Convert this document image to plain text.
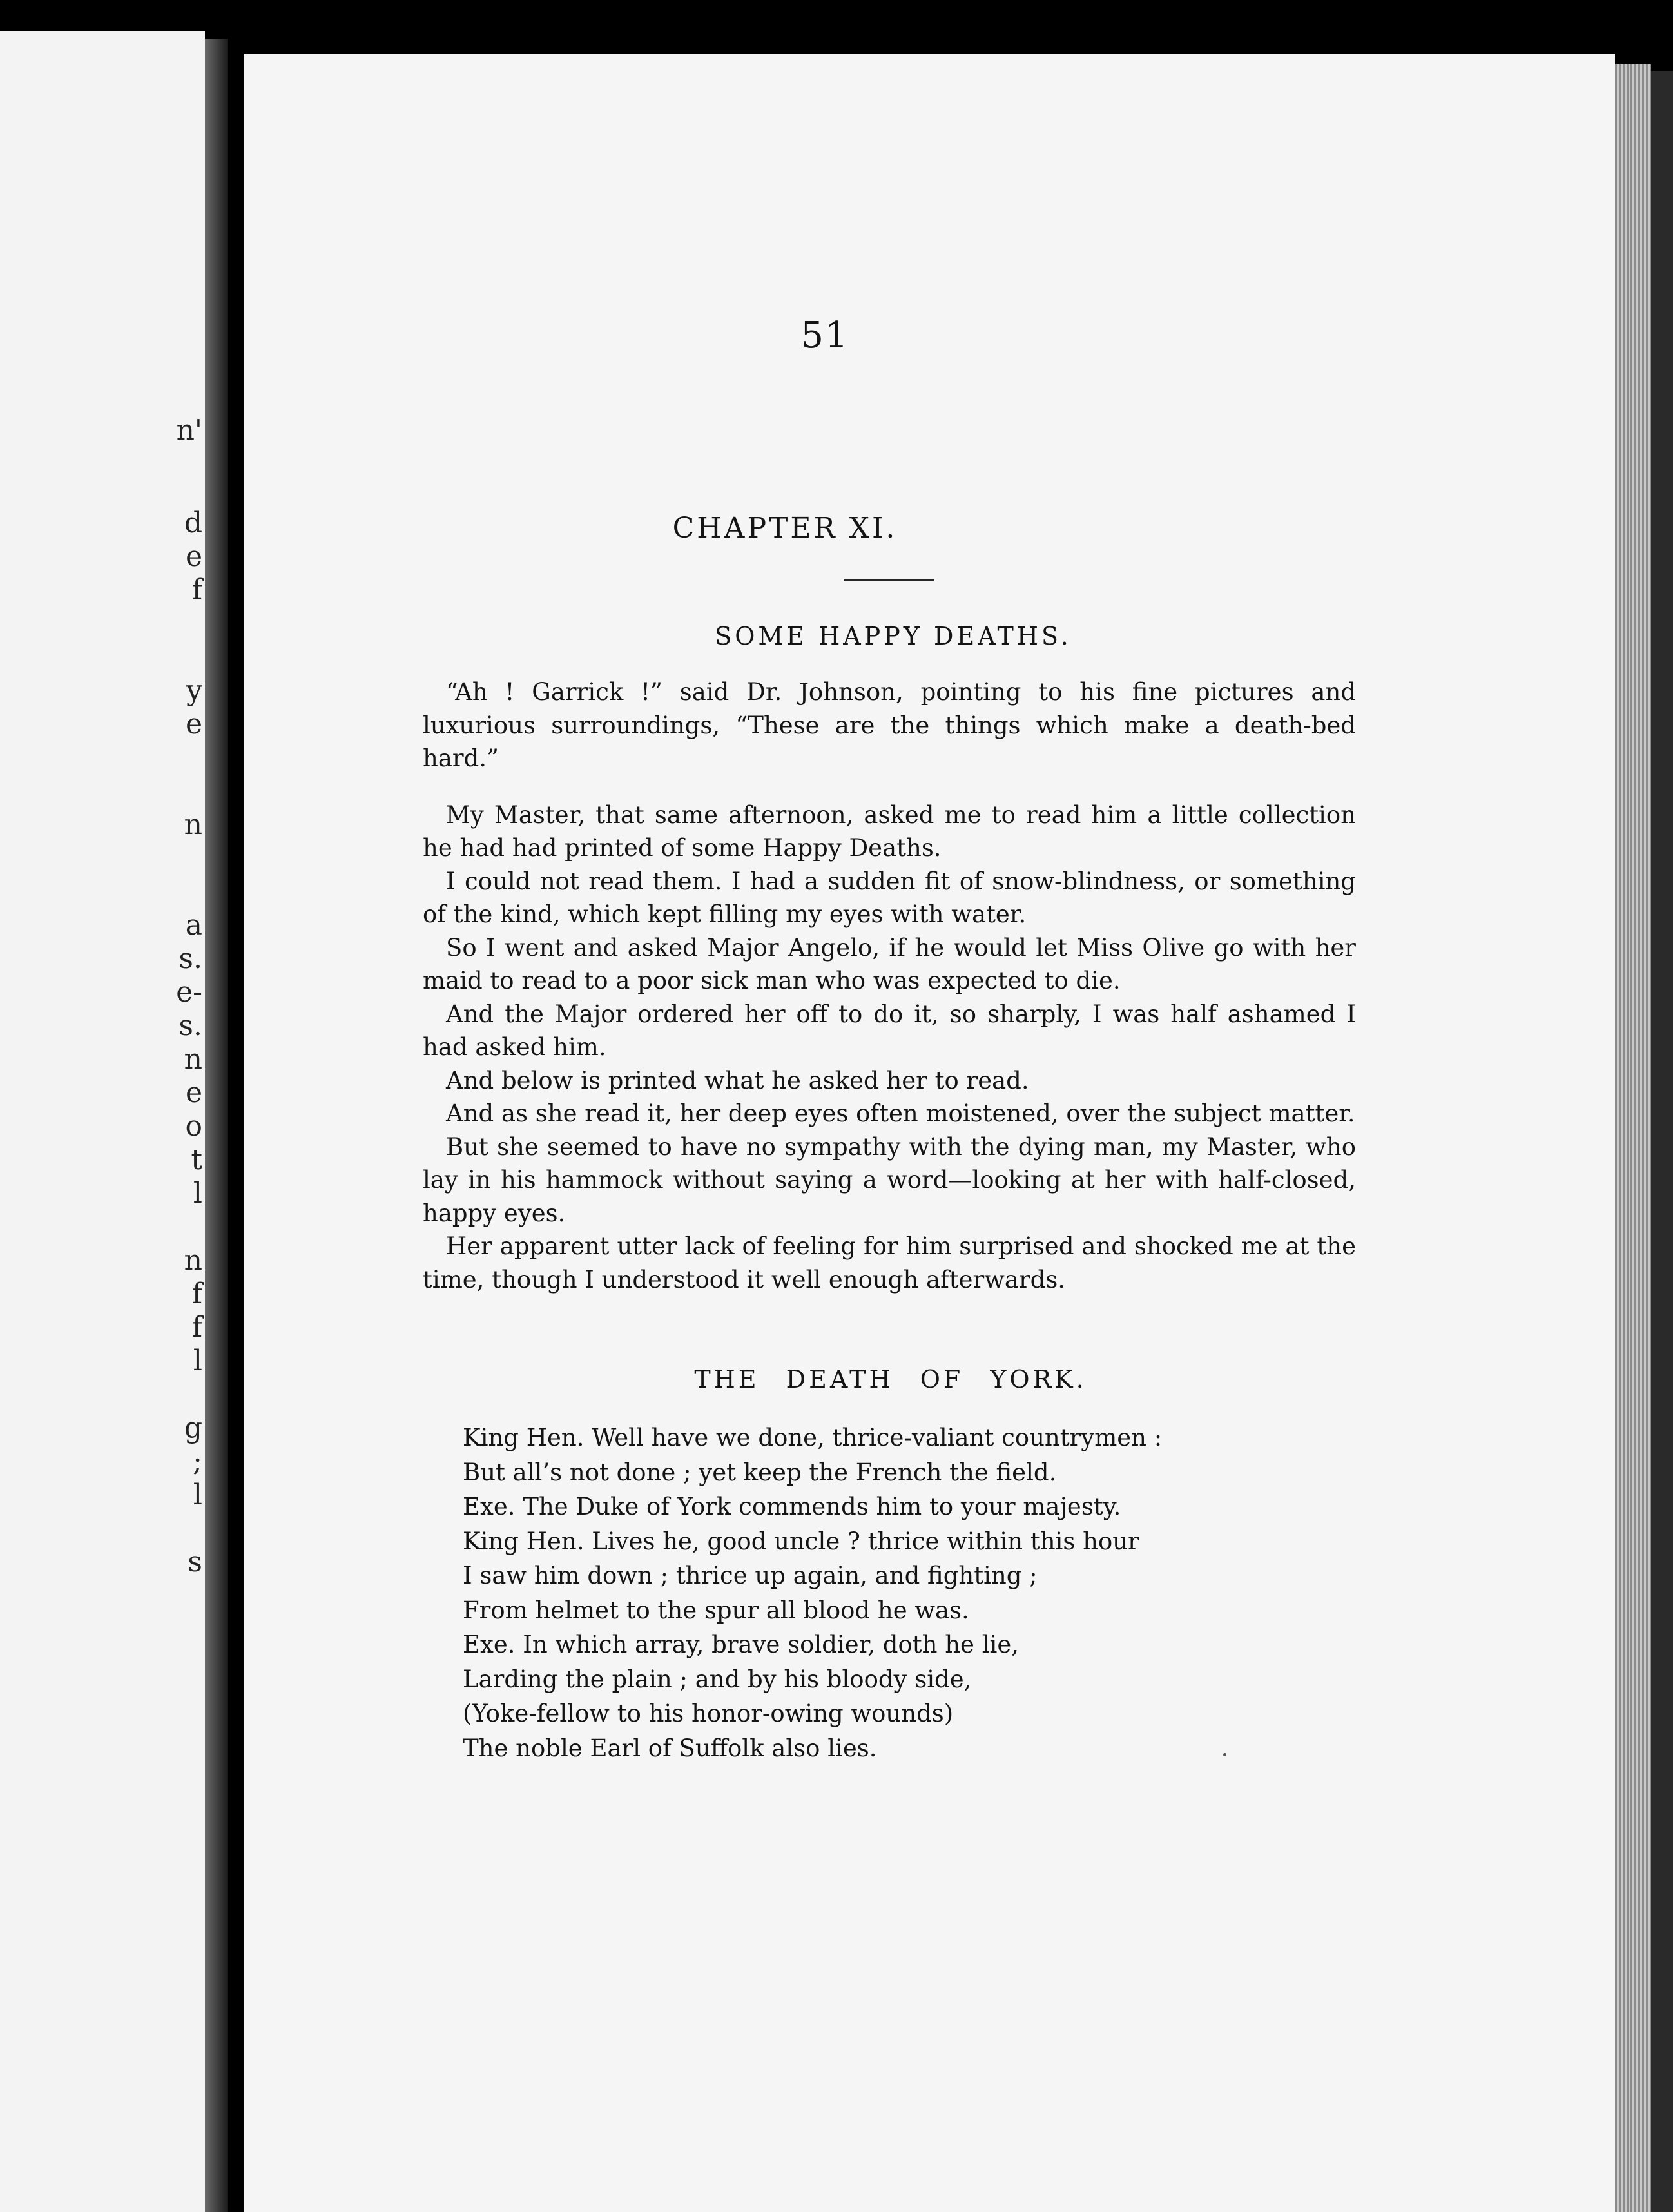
n'
d
e
f
y
e
n
a
s.
e-
s.
n
e
o
t
l
n
f
f
l
g
;
l
s
51
CHAPTER XI.
SOME HAPPY DEATHS.

“Ah ! Garrick !” said Dr. Johnson, pointing to his fine pictures and luxurious surroundings, “These are the things which make a death-bed hard.”

My Master, that same afternoon, asked me to read him a little collection he had had printed of some Happy Deaths.

I could not read them. I had a sudden fit of snow-blindness, or something of the kind, which kept filling my eyes with water.

So I went and asked Major Angelo, if he would let Miss Olive go with her maid to read to a poor sick man who was expected to die.

And the Major ordered her off to do it, so sharply, I was half ashamed I had asked him.

And below is printed what he asked her to read.

And as she read it, her deep eyes often moistened, over the subject matter.

But she seemed to have no sympathy with the dying man, my Master, who lay in his hammock without saying a word—looking at her with half-closed, happy eyes.

Her apparent utter lack of feeling for him surprised and shocked me at the time, though I understood it well enough afterwards.

THE DEATH OF YORK.

King Hen. Well have we done, thrice-valiant countrymen :

But all’s not done ; yet keep the French the field.

Exe. The Duke of York commends him to your majesty.

King Hen. Lives he, good uncle ? thrice within this hour

I saw him down ; thrice up again, and fighting ;

From helmet to the spur all blood he was.

Exe. In which array, brave soldier, doth he lie,

Larding the plain ; and by his bloody side,

(Yoke-fellow to his honor-owing wounds)

The noble Earl of Suffolk also lies.
